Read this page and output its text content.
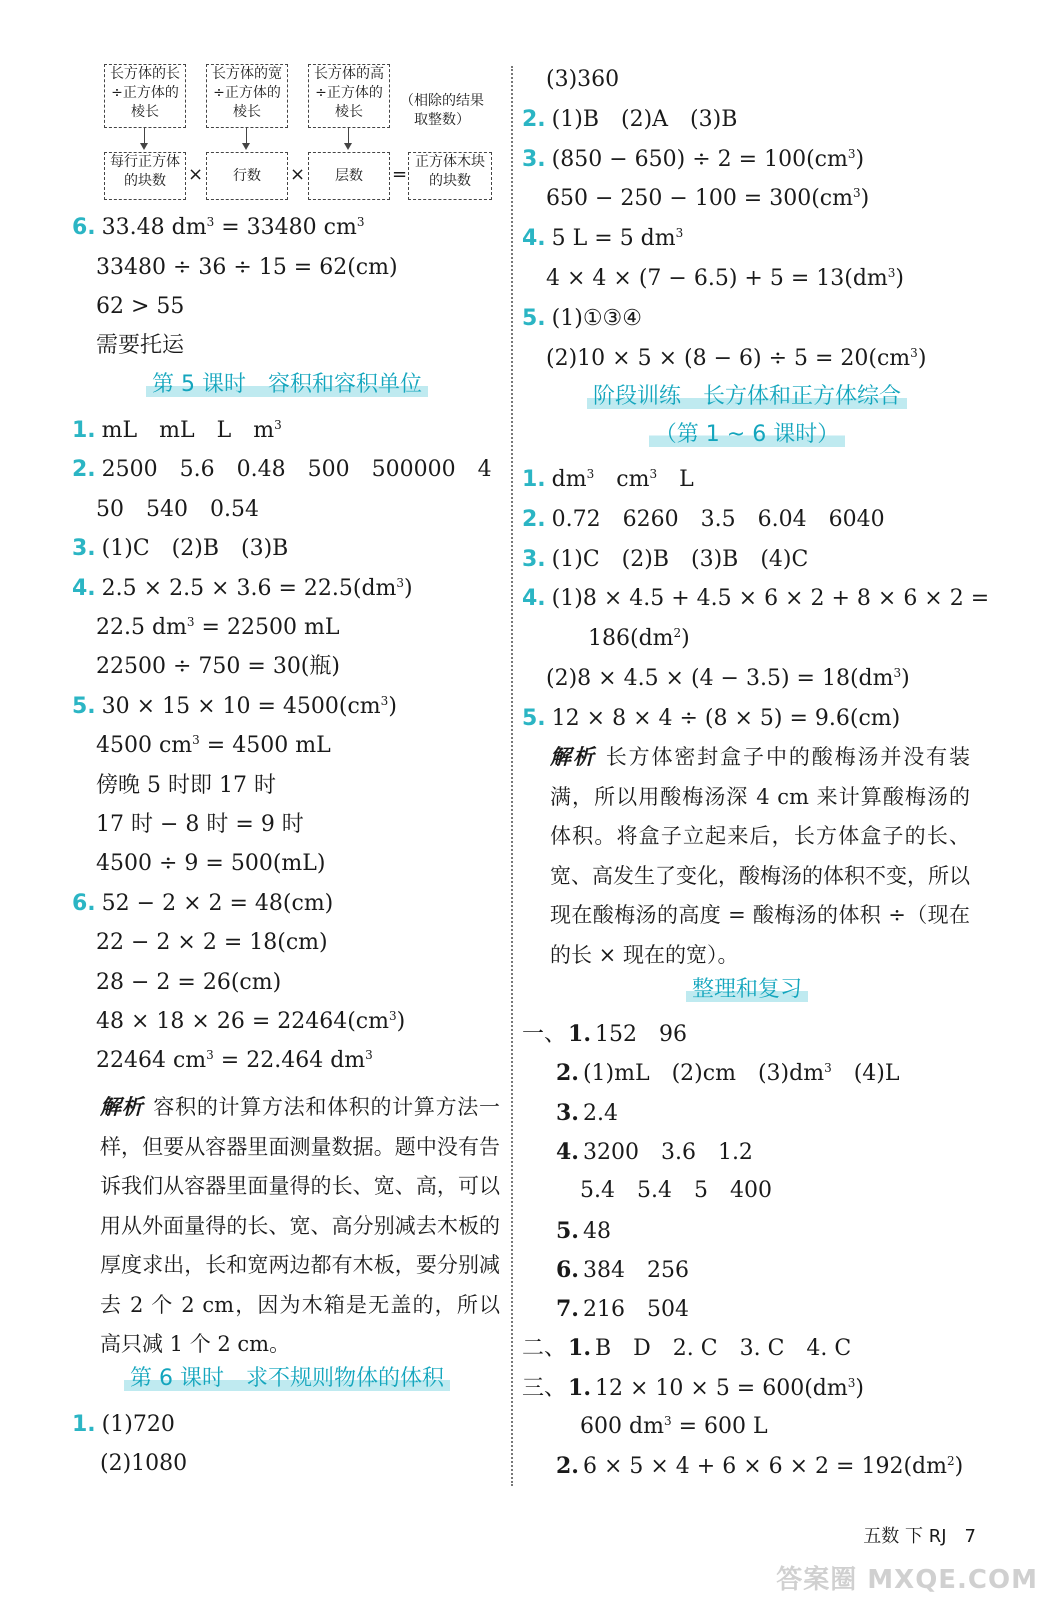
长方体的长÷正方体的棱长
长方体的宽÷正方体的棱长
长方体的高÷正方体的棱长
（相除的结果取整数）
每行正方体的块数	×	行数	×	层数	=
正方体木块的块数
6. 33.48 $dm^3 = 33480$ $cm^3$
33480 ÷ 36 ÷ 15 = 62(cm)
62 > 55
需要托运
第 5 课时　容积和容积单位
1. mL　mL　L　$m^3$
2. 2500　5.6　0.48　500　500000　4
50　540　0.54
3. (1)C　(2)B　(3)B
4. $2.5 \times 2.5 \times 3.6 = 22.5(dm^3)$
22.5 $dm^3 = 22500$ mL
22500 ÷ 750 = 30(瓶)
5. $30 \times 15 \times 10 = 4500(cm^3)$
4500 $cm^3 = 4500$ mL
傍晚 5 时即 17 时
17 时 − 8 时 = 9 时
4500 ÷ 9 = 500(mL)
6. 52 − 2 × 2 = 48(cm)
22 − 2 × 2 = 18(cm)
28 − 2 = 26(cm)
$48 \times 18 \times 26 = 22464(cm^3)$
22464 $cm^3 = 22.464$ $dm^3$
解析 容积的计算方法和体积的计算方法一样，但要从容器里面测量数据。题中没有告诉我们从容器里面量得的长、宽、高，可以用从外面量得的长、宽、高分别减去木板的厚度求出，长和宽两边都有木板，要分别减去 2 个 2 cm，因为木箱是无盖的，所以高只减 1 个 2 cm。
第 6 课时　求不规则物体的体积
1. (1)720
(2)1080
(3)360
2. (1)B　(2)A　(3)B
3. $(850 - 650) \div 2 = 100(cm^3)$
$650 - 250 - 100 = 300(cm^3)$
4. 5 L = 5 $dm^3$
$4 \times 4 \times (7 - 6.5) + 5 = 13(dm^3)$
5. (1)①③④
$(2)10 \times 5 \times (8 - 6) \div 5 = 20(cm^3)$
阶段训练　长方体和正方体综合
（第 1 ~ 6 课时）
1. $dm^3$　$cm^3$　L
2. 0.72　6260　3.5　6.04　6040
3. (1)C　(2)B　(3)B　(4)C
4. (1)8 × 4.5 + 4.5 × 6 × 2 + 8 × 6 × 2 =
$186(dm^2)$
$(2)8 \times 4.5 \times (4 - 3.5) = 18(dm^3)$
5. 12 × 8 × 4 ÷ (8 × 5) = 9.6(cm)
解析 长方体密封盒子中的酸梅汤并没有装满，所以用酸梅汤深 4 cm 来计算酸梅汤的体积。将盒子立起来后，长方体盒子的长、宽、高发生了变化，酸梅汤的体积不变，所以现在酸梅汤的高度 = 酸梅汤的体积 ÷（现在的长 × 现在的宽）。
整理和复习
一、1. 152　96
2. (1)mL　(2)cm　$(3)dm^3$　(4)L
3. 2.4
4. 3200　3.6　1.2
5.4　5.4　5　400
5. 48
6. 384　256
7. 216　504
二、1. B　D　2. C　3. C　4. C
三、1. $12 \times 10 \times 5 = 600(dm^3)$
600 $dm^3 = 600$ L
2. $6 \times 5 \times 4 + 6 \times 6 \times 2 = 192(dm^2)$
五数 下 RJ　7
答案圈 MXQE.COM
